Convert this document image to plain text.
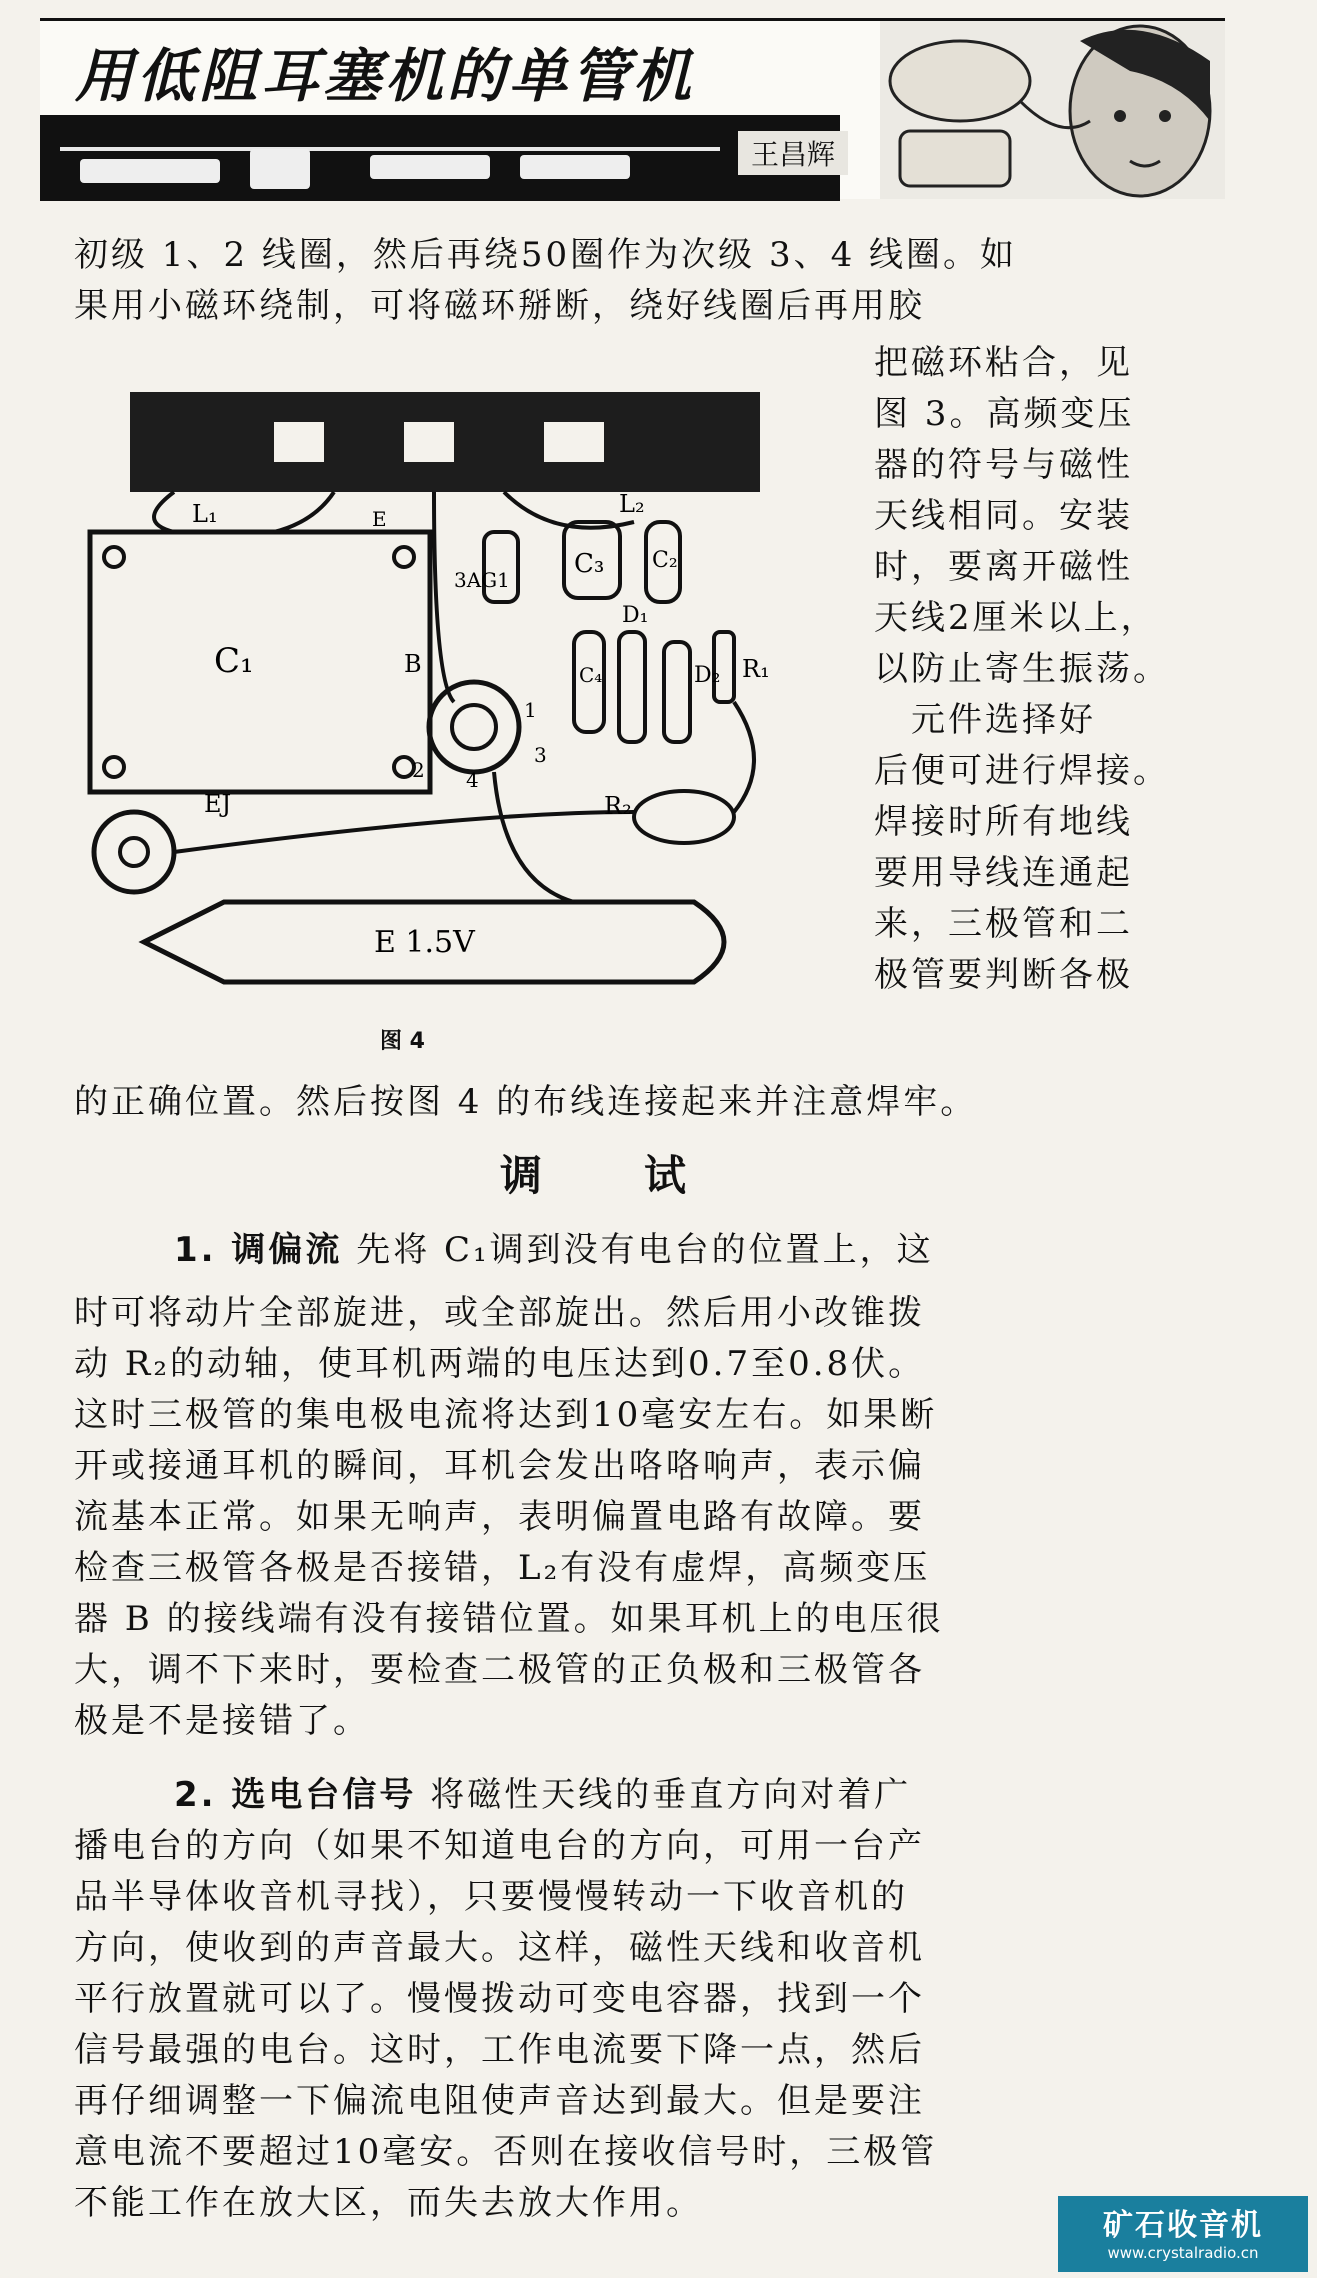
用低阻耳塞机的单管机
王昌辉
初级 1、2 线圈，然后再绕50圈作为次级 3、4 线圈。如
果用小磁环绕制，可将磁环掰断，绕好线圈后再用胶
L₁	L₂
C₁
C₃ C₂
C₄
D₁
D₂ R₁
R₂
3AG1
B
E
EJ
E 1.5V
1
2
3
4
图 4
把磁环粘合，见
图 3。高频变压
器的符号与磁性
天线相同。安装
时，要离开磁性
天线2厘米以上，
以防止寄生振荡。
　元件选择好
后便可进行焊接。
焊接时所有地线
要用导线连通起
来，三极管和二
极管要判断各极
的正确位置。然后按图 4 的布线连接起来并注意焊牢。
调　试
1. 调偏流 先将 C₁调到没有电台的位置上，这
时可将动片全部旋进，或全部旋出。然后用小改锥拨
动 R₂的动轴，使耳机两端的电压达到0.7至0.8伏。
这时三极管的集电极电流将达到10毫安左右。如果断
开或接通耳机的瞬间，耳机会发出咯咯响声，表示偏
流基本正常。如果无响声，表明偏置电路有故障。要
检查三极管各极是否接错，L₂有没有虚焊，高频变压
器 B 的接线端有没有接错位置。如果耳机上的电压很
大，调不下来时，要检查二极管的正负极和三极管各
极是不是接错了。
2. 选电台信号 将磁性天线的垂直方向对着广
播电台的方向（如果不知道电台的方向，可用一台产
品半导体收音机寻找），只要慢慢转动一下收音机的
方向，使收到的声音最大。这样，磁性天线和收音机
平行放置就可以了。慢慢拨动可变电容器，找到一个
信号最强的电台。这时，工作电流要下降一点，然后
再仔细调整一下偏流电阻使声音达到最大。但是要注
意电流不要超过10毫安。否则在接收信号时，三极管
不能工作在放大区，而失去放大作用。
矿石收音机
www.crystalradio.cn
